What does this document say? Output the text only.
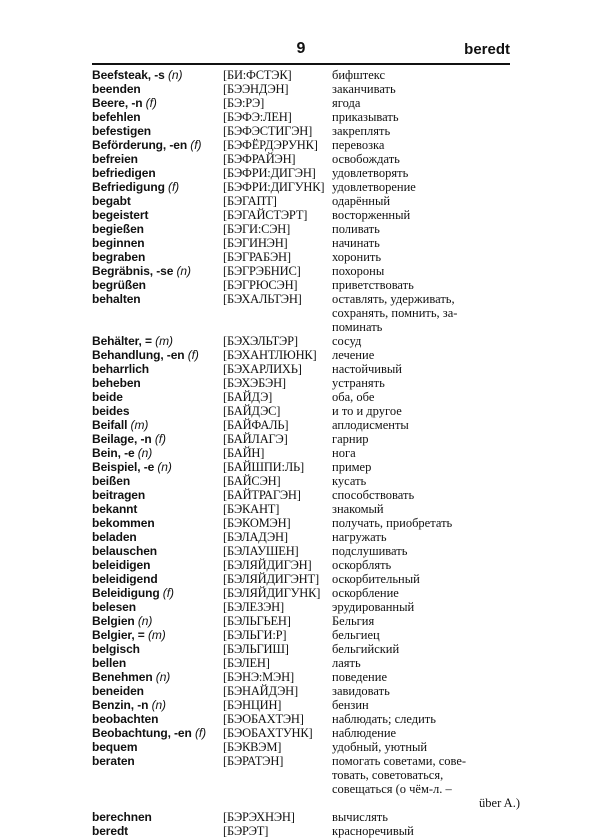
9	beredt
Beefsteak, -s (n)	[БИ:ФСТЭК]	бифштекс
beenden	[БЭЭНДЭН]	заканчивать
Beere, -n (f)	[БЭ:РЭ]	ягода
befehlen	[БЭФЭ:ЛЕН]	приказывать
befestigen	[БЭФЭСТИГЭН]	закреплять
Beförderung, -en (f)	[БЭФЁРДЭРУНК]	перевозка
befreien	[БЭФРАЙЭН]	освобождать
befriedigen	[БЭФРИ:ДИГЭН]	удовлетворять
Befriedigung (f)	[БЭФРИ:ДИГУНК] удовлетворение
begabt	[БЭГАПТ]	одарённый
begeistert	[БЭГАЙСТЭРТ]	восторженный
begießen	[БЭГИ:СЭН]	поливать
beginnen	[БЭГИНЭН]	начинать
begraben	[БЭГРАБЭН]	хоронить
Begräbnis, -se (n)	[БЭГРЭБНИС]	похороны
begrüßen	[БЭГРЮСЭН]	приветствовать
behalten	[БЭХАЛЬТЭН]	оставлять, удерживать,
сохранять, помнить, за-
поминать
Behälter, = (m)	[БЭХЭЛЬТЭР]	сосуд
Behandlung, -en (f)	[БЭХАНТЛЮНК]	лечение
beharrlich	[БЭХАРЛИХЬ]	настойчивый
beheben	[БЭХЭБЭН]	устранять
beide	[БАЙДЭ]	оба, обе
beides	[БАЙДЭС]	и то и другое
Beifall (m)	[БАЙФАЛЬ]	аплодисменты
Beilage, -n (f)	[БАЙЛАГЭ]	гарнир
Bein, -e (n)	[БАЙН]	нога
Beispiel, -e (n)	[БАЙШПИ:ЛЬ]	пример
beißen	[БАЙСЭН]	кусать
beitragen	[БАЙТРАГЭН]	способствовать
bekannt	[БЭКАНТ]	знакомый
bekommen	[БЭКОМЭН]	получать, приобретать
beladen	[БЭЛАДЭН]	нагружать
belauschen	[БЭЛАУШЕН]	подслушивать
beleidigen	[БЭЛЯЙДИГЭН]	оскорблять
beleidigend	[БЭЛЯЙДИГЭНТ]	оскорбительный
Beleidigung (f)	[БЭЛЯЙДИГУНК] оскорбление
belesen	[БЭЛЕЗЭН]	эрудированный
Belgien (n)	[БЭЛЬГЬЕН]	Бельгия
Belgier, = (m)	[БЭЛЬГИ:Р]	бельгиец
belgisch	[БЭЛЬГИШ]	бельгийский
bellen	[БЭЛЕН]	лаять
Benehmen (n)	[БЭНЭ:МЭН]	поведение
beneiden	[БЭНАЙДЭН]	завидовать
Benzin, -n (n)	[БЭНЦИН]	бензин
beobachten	[БЭОБАХТЭН]	наблюдать; следить
Beobachtung, -en (f)	[БЭОБАХТУНК]	наблюдение
bequem	[БЭКВЭМ]	удобный, уютный
beraten	[БЭРАТЭН]	помогать советами, сове-
товать, советоваться,
совещаться (о чём-л. –
über A.)
berechnen	[БЭРЭХНЭН]	вычислять
beredt	[БЭРЭТ]	красноречивый
